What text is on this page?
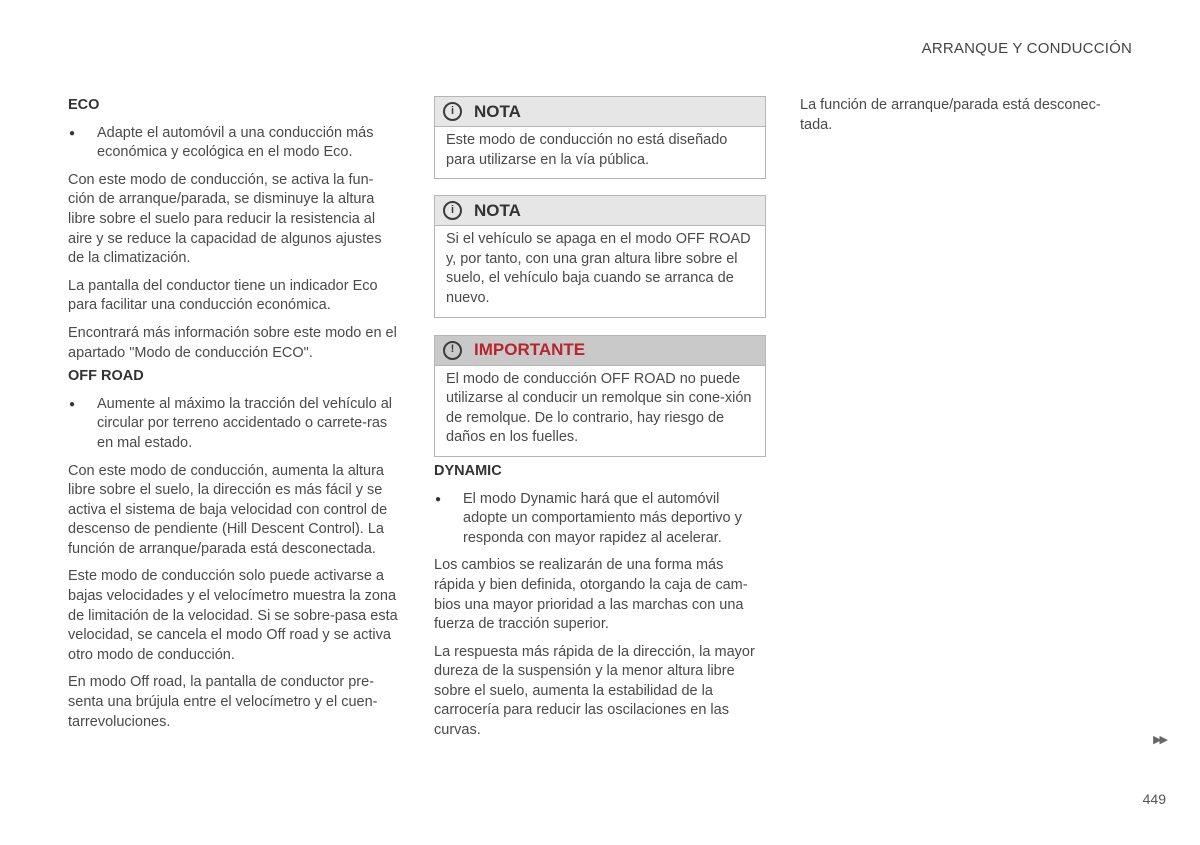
ARRANQUE Y CONDUCCIÓN

ECO

●	Adapte el automóvil a una conducción más económica y ecológica en el modo Eco.

Con este modo de conducción, se activa la fun-ción de arranque/parada, se disminuye la altura libre sobre el suelo para reducir la resistencia al aire y se reduce la capacidad de algunos ajustes de la climatización.

La pantalla del conductor tiene un indicador Eco para facilitar una conducción económica.

Encontrará más información sobre este modo en el apartado "Modo de conducción ECO".

OFF ROAD

●	Aumente al máximo la tracción del vehículo al circular por terreno accidentado o carrete-ras en mal estado.

Con este modo de conducción, aumenta la altura libre sobre el suelo, la dirección es más fácil y se activa el sistema de baja velocidad con control de descenso de pendiente (Hill Descent Control). La función de arranque/parada está desconectada.

Este modo de conducción solo puede activarse a bajas velocidades y el velocímetro muestra la zona de limitación de la velocidad. Si se sobre-pasa esta velocidad, se cancela el modo Off road y se activa otro modo de conducción.

En modo Off road, la pantalla de conductor pre-senta una brújula entre el velocímetro y el cuen-tarrevoluciones.

i	NOTA
Este modo de conducción no está diseñado para utilizarse en la vía pública.
i	NOTA
Si el vehículo se apaga en el modo OFF ROAD y, por tanto, con una gran altura libre sobre el suelo, el vehículo baja cuando se arranca de nuevo.
!	IMPORTANTE
El modo de conducción OFF ROAD no puede utilizarse al conducir un remolque sin cone-xión de remolque. De lo contrario, hay riesgo de daños en los fuelles.

DYNAMIC

●	El modo Dynamic hará que el automóvil adopte un comportamiento más deportivo y responda con mayor rapidez al acelerar.

Los cambios se realizarán de una forma más rápida y bien definida, otorgando la caja de cam-bios una mayor prioridad a las marchas con una fuerza de tracción superior.

La respuesta más rápida de la dirección, la mayor dureza de la suspensión y la menor altura libre sobre el suelo, aumenta la estabilidad de la carrocería para reducir las oscilaciones en las curvas.

La función de arranque/parada está desconec-tada.

▶▶
449
